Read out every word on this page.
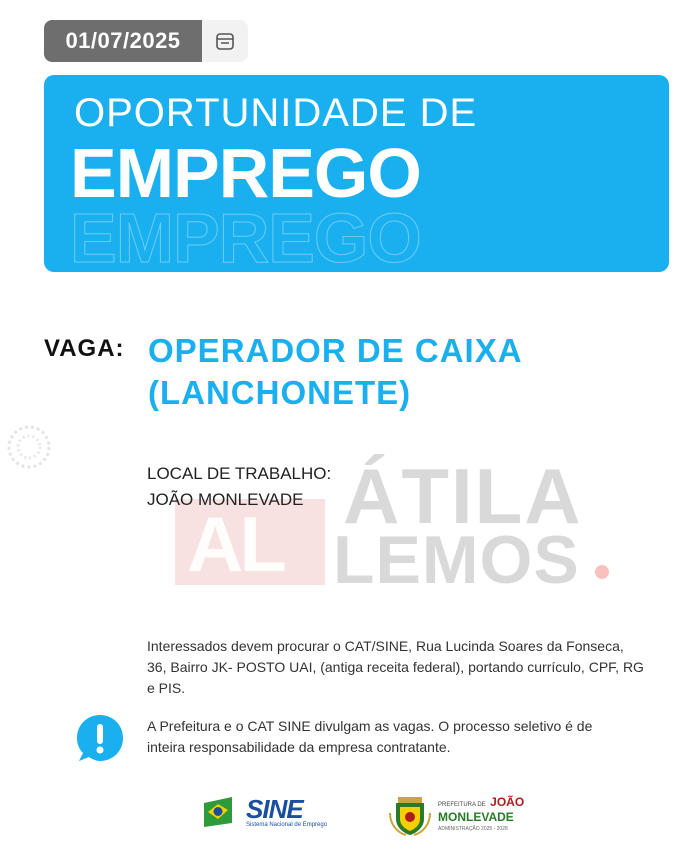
01/07/2025
OPORTUNIDADE DE
EMPREGO
EMPREGO
VAGA: OPERADOR DE CAIXA
(LANCHONETE)
AL
ÁTILA
LEMOS
LOCAL DE TRABALHO:
JOÃO MONLEVADE
Interessados devem procurar o CAT/SINE, Rua Lucinda Soares da Fonseca, 36, Bairro JK- POSTO UAI, (antiga receita federal), portando currículo, CPF, RG e PIS.
A Prefeitura e o CAT SINE divulgam as vagas. O processo seletivo é de inteira responsabilidade da empresa contratante.
SINE
Sistema Nacional de Emprego
PREFEITURA DE JOÃO
MONLEVADE
ADMINISTRAÇÃO 2025 - 2028
